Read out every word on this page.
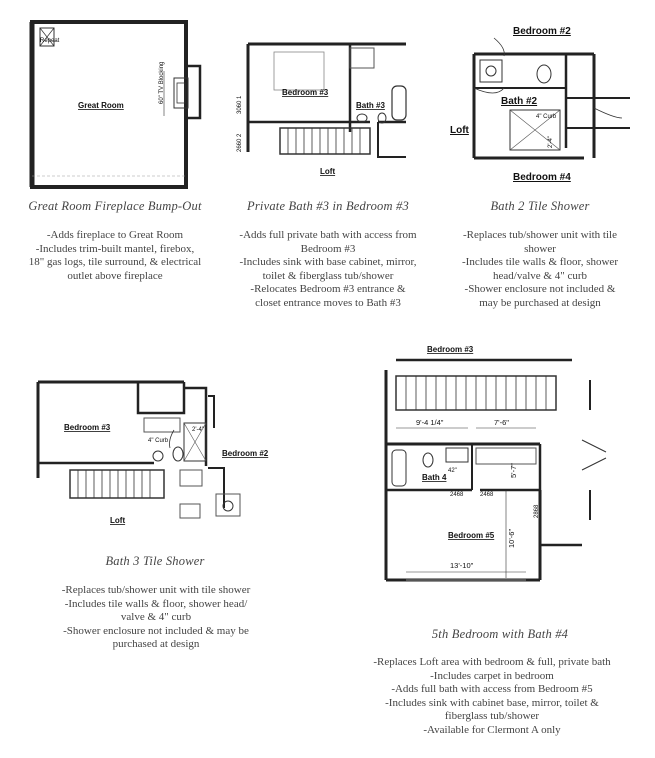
Repeat
60" TV Blocking
Great Room
Bedroom #3
Bath #3
Loft
3060 1
2660 2
Bedroom #2
Bath #2
Loft
Bedroom #4
4" Curb
2'-4"
Great Room Fireplace Bump-Out	Private Bath #3 in Bedroom #3	Bath 2 Tile Shower
-Adds fireplace to Great Room
-Includes trim-built mantel, firebox,
18" gas logs, tile surround, & electrical
outlet above fireplace
-Adds full private bath with access from
Bedroom #3
-Includes sink with base cabinet, mirror,
toilet & fiberglass tub/shower
-Relocates Bedroom #3 entrance &
closet entrance moves to Bath #3
-Replaces tub/shower unit with tile
shower
-Includes tile walls & floor, shower
head/valve & 4" curb
-Shower enclosure not included &
may be purchased at design
Bedroom #3
Bedroom #2
Loft
4" Curb
2'-4"
Bedroom #3
Bath 4
Bedroom #5
9'-4 1/4"	7'-6"
5'-7"
10'-6"
13'-10"
2468	2468
42"
2868
Bath 3 Tile Shower
5th Bedroom with Bath #4
-Replaces tub/shower unit with tile shower
-Includes tile walls & floor, shower head/
valve & 4" curb
-Shower enclosure not included & may be
purchased at design
-Replaces Loft area with bedroom & full, private bath
-Includes carpet in bedroom
-Adds full bath with access from Bedroom #5
-Includes sink with cabinet base, mirror, toilet &
fiberglass tub/shower
-Available for Clermont A only
